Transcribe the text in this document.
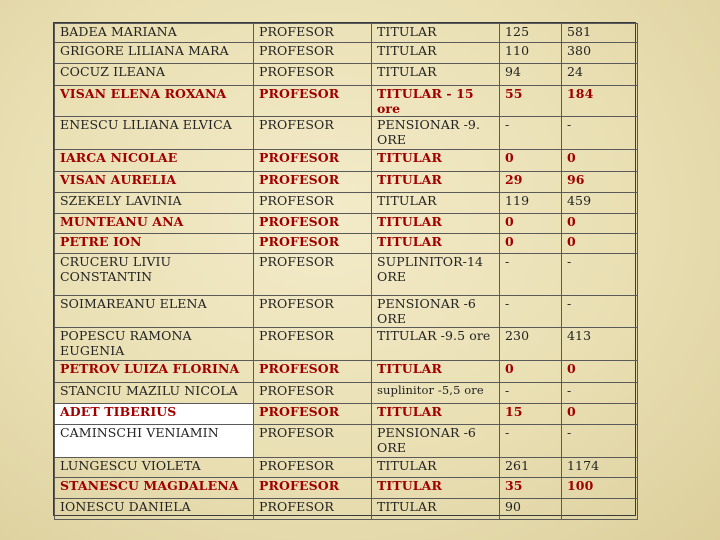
BADEA MARIANA	PROFESOR	TITULAR	125	581
GRIGORE LILIANA MARA	PROFESOR	TITULAR	110	380
COCUZ ILEANA	PROFESOR	TITULAR	94	24
VISAN ELENA ROXANA	PROFESOR	TITULAR - 15 ore	55	184
ENESCU LILIANA ELVICA	PROFESOR	PENSIONAR -9. ORE	-	-
IARCA NICOLAE	PROFESOR	TITULAR	0	0
VISAN AURELIA	PROFESOR	TITULAR	29	96
SZEKELY LAVINIA	PROFESOR	TITULAR	119	459
MUNTEANU ANA	PROFESOR	TITULAR	0	0
PETRE ION	PROFESOR	TITULAR	0	0
CRUCERU LIVIU CONSTANTIN	PROFESOR	SUPLINITOR-14 ORE	-	-
SOIMAREANU ELENA	PROFESOR	PENSIONAR -6 ORE	-	-
POPESCU RAMONA EUGENIA	PROFESOR	TITULAR -9.5 ore	230	413
PETROV LUIZA FLORINA	PROFESOR	TITULAR	0	0
STANCIU MAZILU NICOLA	PROFESOR	suplinitor -5,5 ore	-	-
ADET TIBERIUS	PROFESOR	TITULAR	15	0
CAMINSCHI VENIAMIN	PROFESOR	PENSIONAR -6 ORE	-	-
LUNGESCU VIOLETA	PROFESOR	TITULAR	261	1174
STANESCU MAGDALENA	PROFESOR	TITULAR	35	100
IONESCU DANIELA	PROFESOR	TITULAR	90	
